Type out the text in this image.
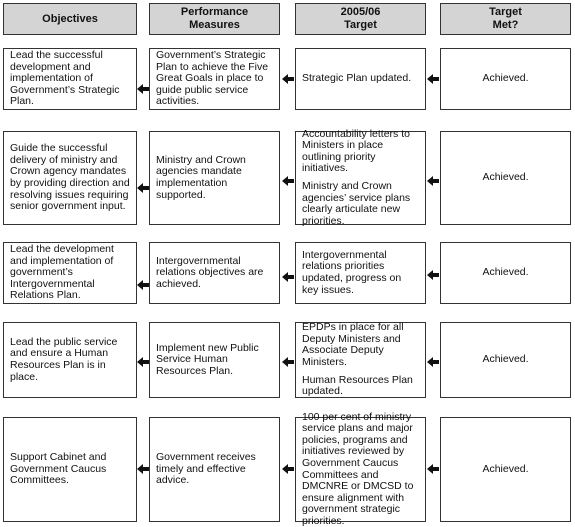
Objectives
Performance
Measures
2005/06
Target
Target
Met?

Lead the successful development and implementation of Government’s Strategic Plan.

Government’s Strategic Plan to achieve the Five Great Goals in place to guide public service activities.

Strategic Plan updated.	Achieved.

Guide the successful delivery of ministry and Crown agency mandates by providing direction and resolving issues requiring senior government input.

Ministry and Crown agencies mandate implementation supported.

Accountability letters to Ministers in place outlining priority initiatives.

Ministry and Crown agencies’ service plans clearly articulate new priorities.

Achieved.

Lead the development and implementation of government’s Intergovernmental Relations Plan.

Intergovernmental relations objectives are achieved.

Intergovernmental relations priorities updated, progress on key issues.

Achieved.

Lead the public service and ensure a Human Resources Plan is in place.

Implement new Public Service Human Resources Plan.

EPDPs in place for all Deputy Ministers and Associate Deputy Ministers.

Human Resources Plan updated.

Achieved.

Support Cabinet and Government Caucus Committees.

Government receives timely and effective advice.

100 per cent of ministry service plans and major policies, programs and initiatives reviewed by Government Caucus Committees and DMCNRE or DMCSD to ensure alignment with government strategic priorities.

Achieved.
